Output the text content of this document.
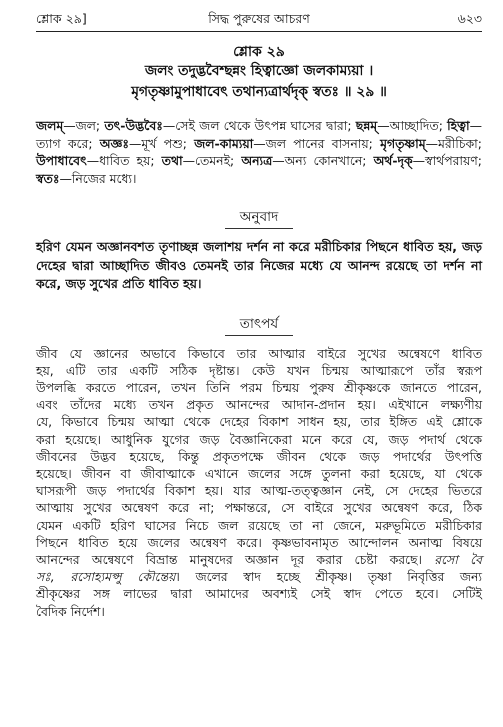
শ্লোক ২৯]	সিদ্ধ পুরুষের আচরণ	৬২৩
শ্লোক ২৯
জলং তদুদ্ভবৈশ্ছন্নং হিত্বাজ্ঞো জলকাম্যয়া ।
মৃগতৃষ্ণামুপাধাবেৎ তথান্যত্রার্থদৃক্ স্বতঃ ॥ ২৯ ॥
জলম্—জল; তৎ-উদ্ভবৈঃ—সেই জল থেকে উৎপন্ন ঘাসের দ্বারা; ছন্নম্—আচ্ছাদিত; হিত্বা—ত্যাগ করে; অজ্ঞঃ—মূর্খ পশু; জল-কাম্যয়া—জল পানের বাসনায়; মৃগতৃষ্ণাম্—মরীচিকা; উপাধাবেৎ—ধাবিত হয়; তথা—তেমনই; অন্যত্র—অন্য কোনখানে; অর্থ-দৃক্—স্বার্থপরায়ণ; স্বতঃ—নিজের মধ্যে।
অনুবাদ
হরিণ যেমন অজ্ঞানবশত তৃণাচ্ছন্ন জলাশয় দর্শন না করে মরীচিকার পিছনে ধাবিত হয়, জড় দেহের দ্বারা আচ্ছাদিত জীবও তেমনই তার নিজের মধ্যে যে আনন্দ রয়েছে তা দর্শন না করে, জড় সুখের প্রতি ধাবিত হয়।
তাৎপর্য
জীব যে জ্ঞানের অভাবে কিভাবে তার আত্মার বাইরে সুখের অন্বেষণে ধাবিত
হয়, এটি তার একটি সঠিক দৃষ্টান্ত। কেউ যখন চিন্ময় আত্মারূপে তাঁর স্বরূপ
উপলব্ধি করতে পারেন, তখন তিনি পরম চিন্ময় পুরুষ শ্রীকৃষ্ণকে জানতে পারেন,
এবং তাঁদের মধ্যে তখন প্রকৃত আনন্দের আদান-প্রদান হয়। এইখানে লক্ষ্যণীয়
যে, কিভাবে চিন্ময় আত্মা থেকে দেহের বিকাশ সাধন হয়, তার ইঙ্গিত এই শ্লোকে
করা হয়েছে। আধুনিক যুগের জড় বৈজ্ঞানিকেরা মনে করে যে, জড় পদার্থ থেকে
জীবনের উদ্ভব হয়েছে, কিন্তু প্রকৃতপক্ষে জীবন থেকে জড় পদার্থের উৎপত্তি
হয়েছে। জীবন বা জীবাত্মাকে এখানে জলের সঙ্গে তুলনা করা হয়েছে, যা থেকে
ঘাসরূপী জড় পদার্থের বিকাশ হয়। যার আত্ম-তত্ত্বজ্ঞান নেই, সে দেহের ভিতরে
আত্মায় সুখের অন্বেষণ করে না; পক্ষান্তরে, সে বাইরে সুখের অন্বেষণ করে, ঠিক
যেমন একটি হরিণ ঘাসের নিচে জল রয়েছে তা না জেনে, মরুভূমিতে মরীচিকার
পিছনে ধাবিত হয়ে জলের অন্বেষণ করে। কৃষ্ণভাবনামৃত আন্দোলন অনাত্ম বিষয়ে
আনন্দের অন্বেষণে বিভ্রান্ত মানুষদের অজ্ঞান দূর করার চেষ্টা করছে। রসো বৈ
সঃ, রসোহ্যমপ্সু কৌন্তেয়। জলের স্বাদ হচ্ছে শ্রীকৃষ্ণ। তৃষ্ণা নিবৃত্তির জন্য
শ্রীকৃষ্ণের সঙ্গ লাভের দ্বারা আমাদের অবশ্যই সেই স্বাদ পেতে হবে। সেটিই
বৈদিক নির্দেশ।
